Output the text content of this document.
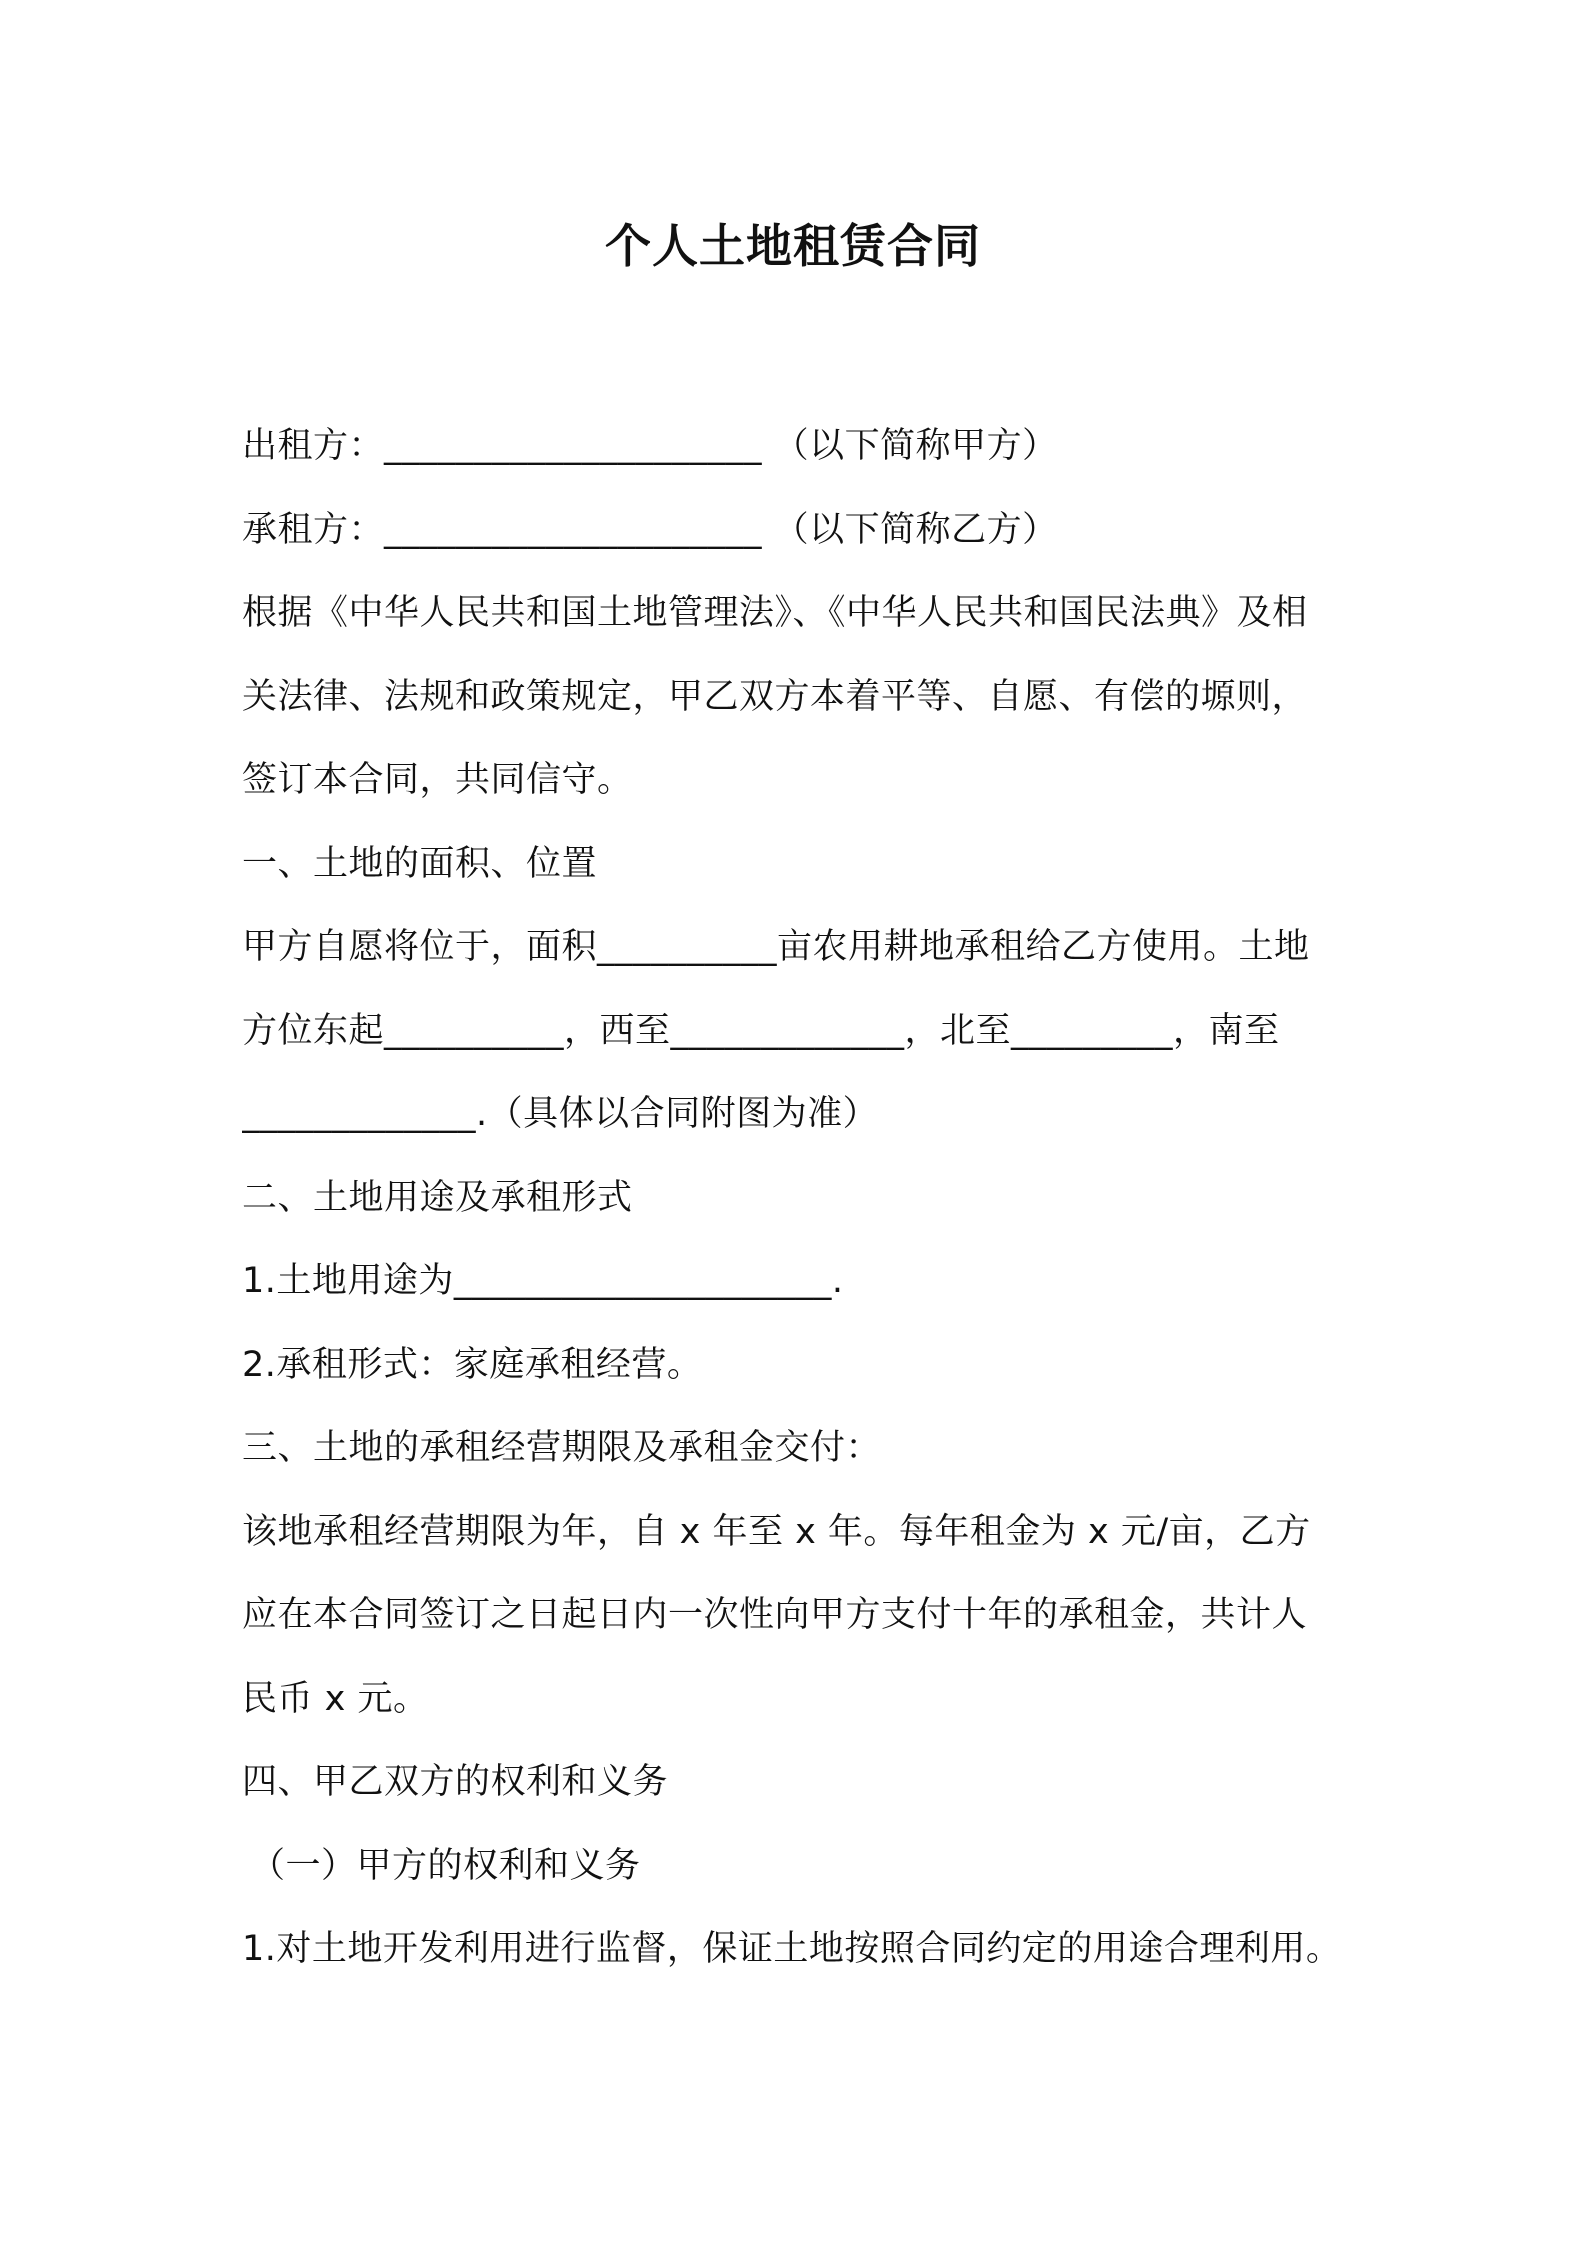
个人土地租赁合同
出租方：_____________________ （以下简称甲方）
承租方：_____________________ （以下简称乙方）
根据《中华人民共和国土地管理法》、《中华人民共和国民法典》及相
关法律、法规和政策规定，甲乙双方本着平等、自愿、有偿的塬则，
签订本合同，共同信守。
一、土地的面积、位置
甲方自愿将位于，面积__________亩农用耕地承租给乙方使用。土地
方位东起__________，西至_____________，北至_________，南至
_____________.（具体以合同附图为准）
二、土地用途及承租形式
1.土地用途为_____________________.
2.承租形式：家庭承租经营。
三、土地的承租经营期限及承租金交付：
该地承租经营期限为年，自 x 年至 x 年。每年租金为 x 元/亩，乙方
应在本合同签订之日起日内一次性向甲方支付十年的承租金，共计人
民币 x 元。
四、甲乙双方的权利和义务
（一）甲方的权利和义务
1.对土地开发利用进行监督，保证土地按照合同约定的用途合理利用。
